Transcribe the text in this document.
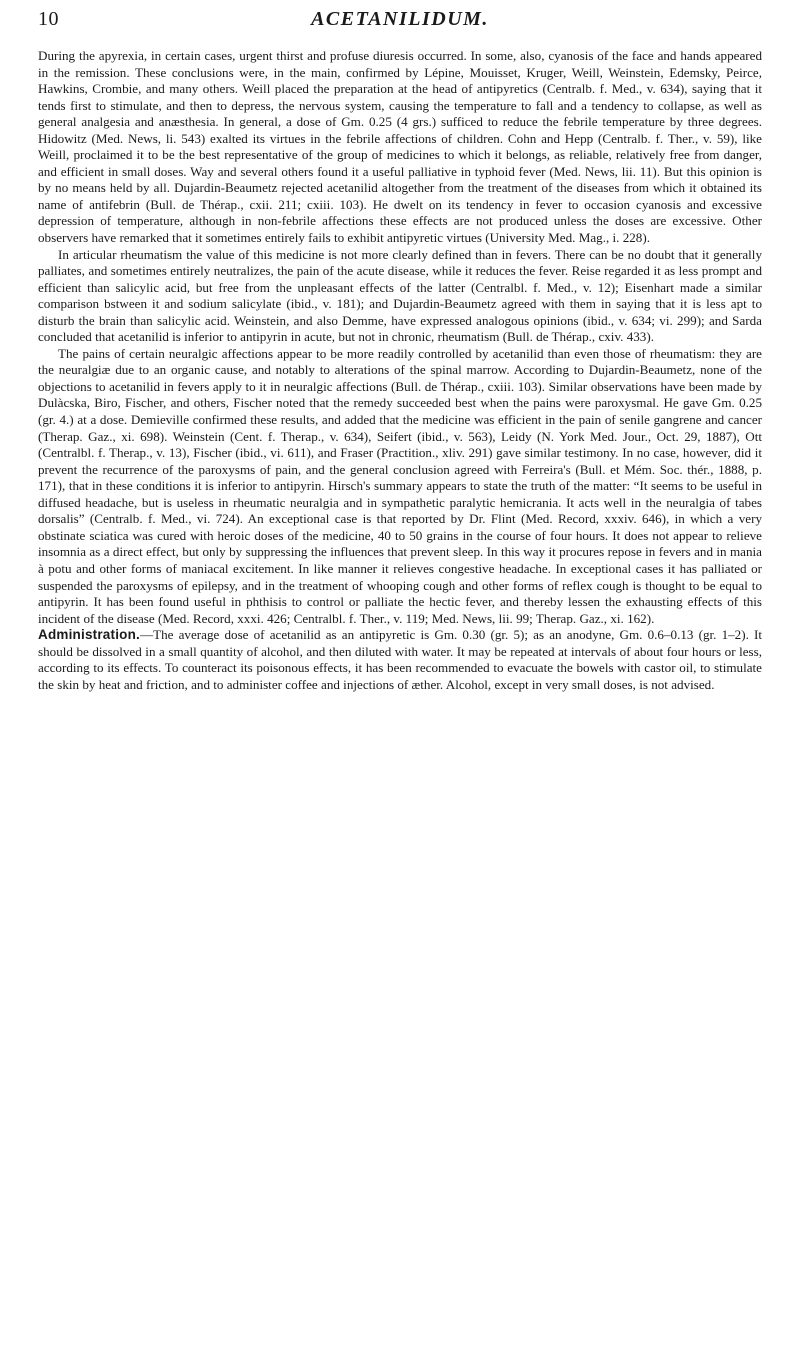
10	ACETANILIDUM.

During the apyrexia, in certain cases, urgent thirst and profuse diuresis occurred. In some, also, cyanosis of the face and hands appeared in the remission. These conclusions were, in the main, confirmed by Lépine, Mouisset, Kruger, Weill, Weinstein, Edemsky, Peirce, Hawkins, Crombie, and many others. Weill placed the preparation at the head of antipyretics (Centralb. f. Med., v. 634), saying that it tends first to stimulate, and then to depress, the nervous system, causing the temperature to fall and a tendency to collapse, as well as general analgesia and anæsthesia. In general, a dose of Gm. 0.25 (4 grs.) sufficed to reduce the febrile temperature by three degrees. Hidowitz (Med. News, li. 543) exalted its virtues in the febrile affections of children. Cohn and Hepp (Centralb. f. Ther., v. 59), like Weill, proclaimed it to be the best representative of the group of medicines to which it belongs, as reliable, relatively free from danger, and efficient in small doses. Way and several others found it a useful palliative in typhoid fever (Med. News, lii. 11). But this opinion is by no means held by all. Dujardin-Beaumetz rejected acetanilid altogether from the treatment of the diseases from which it obtained its name of antifebrin (Bull. de Thérap., cxii. 211; cxiii. 103). He dwelt on its tendency in fever to occasion cyanosis and excessive depression of temperature, although in non-febrile affections these effects are not produced unless the doses are excessive. Other observers have remarked that it sometimes entirely fails to exhibit antipyretic virtues (University Med. Mag., i. 228).

In articular rheumatism the value of this medicine is not more clearly defined than in fevers. There can be no doubt that it generally palliates, and sometimes entirely neutralizes, the pain of the acute disease, while it reduces the fever. Reise regarded it as less prompt and efficient than salicylic acid, but free from the unpleasant effects of the latter (Centralbl. f. Med., v. 12); Eisenhart made a similar comparison bstween it and sodium salicylate (ibid., v. 181); and Dujardin-Beaumetz agreed with them in saying that it is less apt to disturb the brain than salicylic acid. Weinstein, and also Demme, have expressed analogous opinions (ibid., v. 634; vi. 299); and Sarda concluded that acetanilid is inferior to antipyrin in acute, but not in chronic, rheumatism (Bull. de Thérap., cxiv. 433).

The pains of certain neuralgic affections appear to be more readily controlled by acetanilid than even those of rheumatism: they are the neuralgiæ due to an organic cause, and notably to alterations of the spinal marrow. According to Dujardin-Beaumetz, none of the objections to acetanilid in fevers apply to it in neuralgic affections (Bull. de Thérap., cxiii. 103). Similar observations have been made by Dulàcska, Biro, Fischer, and others, Fischer noted that the remedy succeeded best when the pains were paroxysmal. He gave Gm. 0.25 (gr. 4.) at a dose. Demieville confirmed these results, and added that the medicine was efficient in the pain of senile gangrene and cancer (Therap. Gaz., xi. 698). Weinstein (Cent. f. Therap., v. 634), Seifert (ibid., v. 563), Leidy (N. York Med. Jour., Oct. 29, 1887), Ott (Centralbl. f. Therap., v. 13), Fischer (ibid., vi. 611), and Fraser (Practition., xliv. 291) gave similar testimony. In no case, however, did it prevent the recurrence of the paroxysms of pain, and the general conclusion agreed with Ferreira's (Bull. et Mém. Soc. thér., 1888, p. 171), that in these conditions it is inferior to antipyrin. Hirsch's summary appears to state the truth of the matter: “It seems to be useful in diffused headache, but is useless in rheumatic neuralgia and in sympathetic paralytic hemicrania. It acts well in the neuralgia of tabes dorsalis” (Centralb. f. Med., vi. 724). An exceptional case is that reported by Dr. Flint (Med. Record, xxxiv. 646), in which a very obstinate sciatica was cured with heroic doses of the medicine, 40 to 50 grains in the course of four hours. It does not appear to relieve insomnia as a direct effect, but only by suppressing the influences that prevent sleep. In this way it procures repose in fevers and in mania à potu and other forms of maniacal excitement. In like manner it relieves congestive headache. In exceptional cases it has palliated or suspended the paroxysms of epilepsy, and in the treatment of whooping cough and other forms of reflex cough is thought to be equal to antipyrin. It has been found useful in phthisis to control or palliate the hectic fever, and thereby lessen the exhausting effects of this incident of the disease (Med. Record, xxxi. 426; Centralbl. f. Ther., v. 119; Med. News, lii. 99; Therap. Gaz., xi. 162).

Administration.—The average dose of acetanilid as an antipyretic is Gm. 0.30 (gr. 5); as an anodyne, Gm. 0.6–0.13 (gr. 1–2). It should be dissolved in a small quantity of alcohol, and then diluted with water. It may be repeated at intervals of about four hours or less, according to its effects. To counteract its poisonous effects, it has been recommended to evacuate the bowels with castor oil, to stimulate the skin by heat and friction, and to administer coffee and injections of æther. Alcohol, except in very small doses, is not advised.
